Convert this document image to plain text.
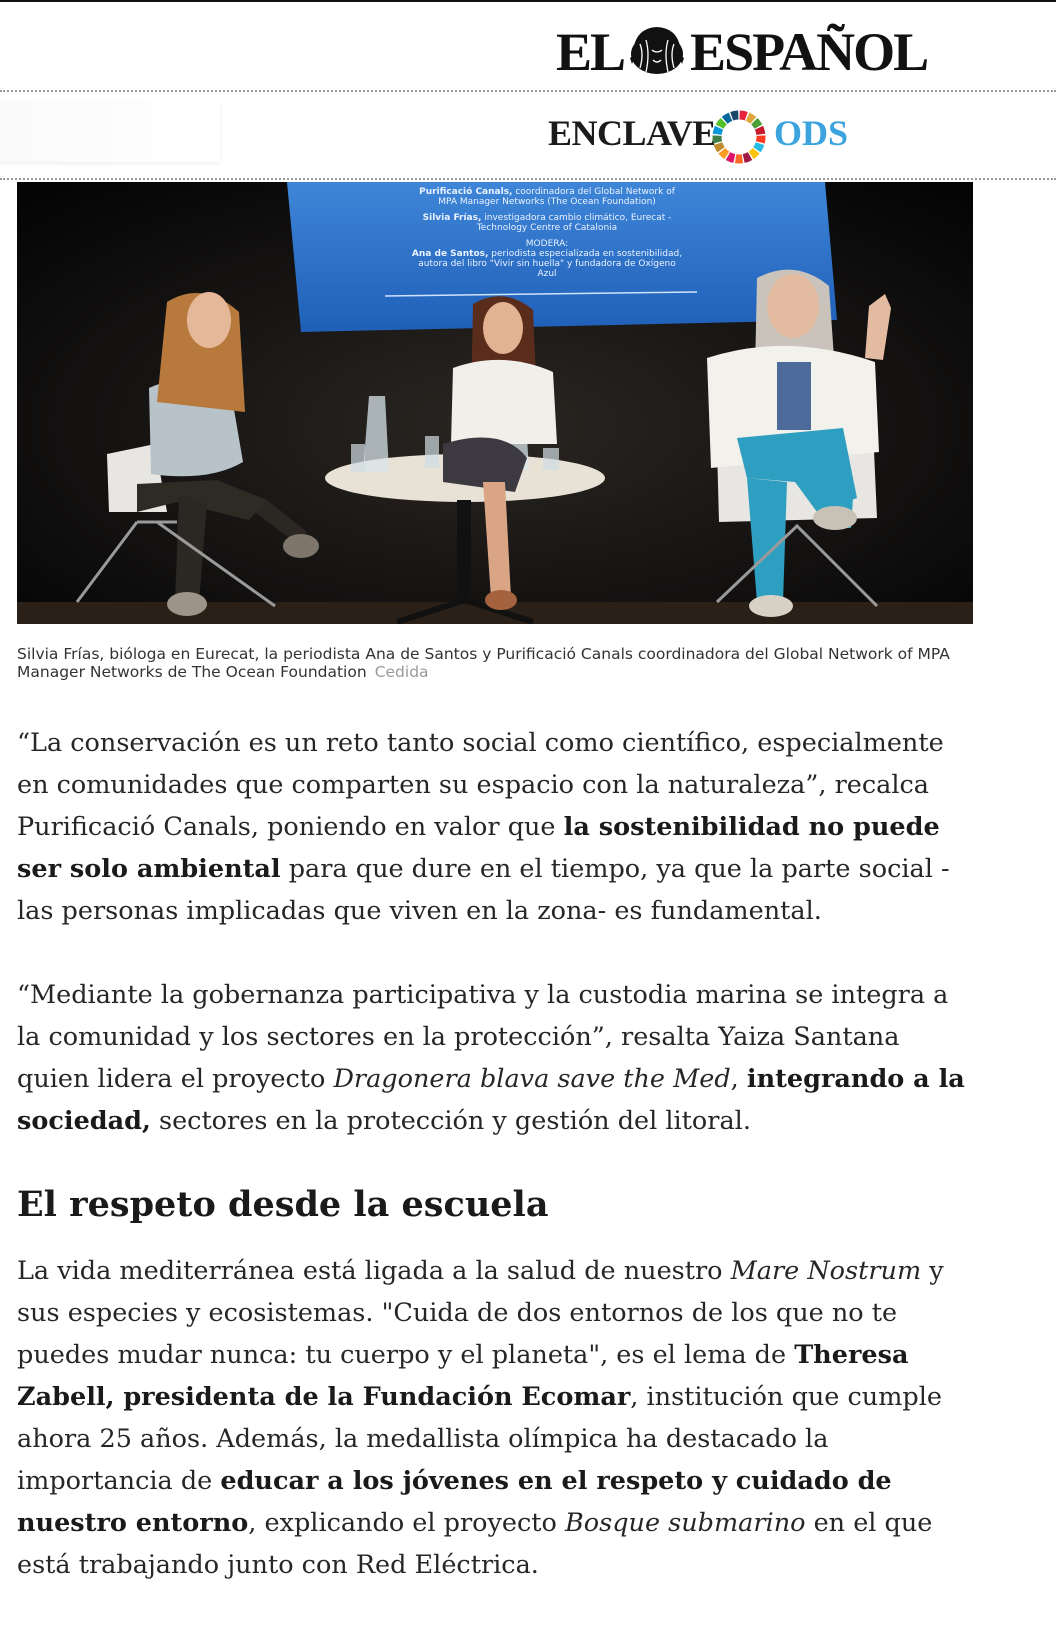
EL ESPAÑOL
ENCLAVE ODS
Purificació Canals, coordinadora del Global Network of
MPA Manager Networks (The Ocean Foundation)
Silvia Frías, investigadora cambio climático, Eurecat -
Technology Centre of Catalonia
MODERA:
Ana de Santos, periodista especializada en sostenibilidad,
autora del libro "Vivir sin huella" y fundadora de Oxígeno
Azul
Silvia Frías, bióloga en Eurecat, la periodista Ana de Santos y Purificació Canals coordinadora del Global Network of MPA Manager Networks de The Ocean Foundation Cedida

“La conservación es un reto tanto social como científico, especialmente en comunidades que comparten su espacio con la naturaleza”, recalca Purificació Canals, poniendo en valor que la sostenibilidad no puede ser solo ambiental para que dure en el tiempo, ya que la parte social - las personas implicadas que viven en la zona- es fundamental.

“Mediante la gobernanza participativa y la custodia marina se integra a la comunidad y los sectores en la protección”, resalta Yaiza Santana quien lidera el proyecto Dragonera blava save the Med, integrando a la sociedad, sectores en la protección y gestión del litoral.

El respeto desde la escuela

La vida mediterránea está ligada a la salud de nuestro Mare Nostrum y sus especies y ecosistemas. "Cuida de dos entornos de los que no te puedes mudar nunca: tu cuerpo y el planeta", es el lema de Theresa Zabell, presidenta de la Fundación Ecomar, institución que cumple ahora 25 años. Además, la medallista olímpica ha destacado la importancia de educar a los jóvenes en el respeto y cuidado de nuestro entorno, explicando el proyecto Bosque submarino en el que está trabajando junto con Red Eléctrica.
